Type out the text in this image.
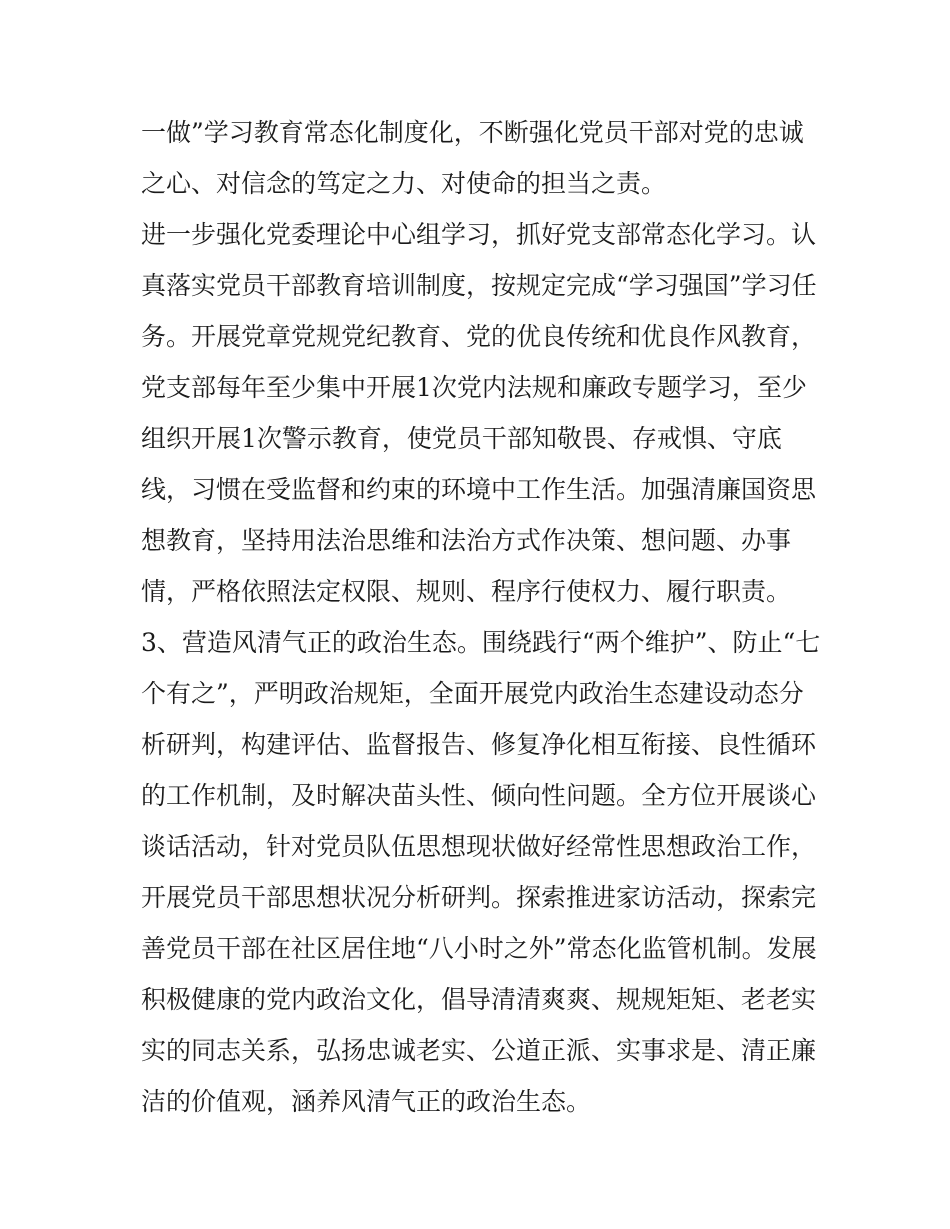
一做”学习教育常态化制度化，不断强化党员干部对党的忠诚
之心、对信念的笃定之力、对使命的担当之责。
进一步强化党委理论中心组学习，抓好党支部常态化学习。认
真落实党员干部教育培训制度，按规定完成“学习强国”学习任
务。开展党章党规党纪教育、党的优良传统和优良作风教育，
党支部每年至少集中开展1次党内法规和廉政专题学习，至少
组织开展1次警示教育，使党员干部知敬畏、存戒惧、守底
线，习惯在受监督和约束的环境中工作生活。加强清廉国资思
想教育，坚持用法治思维和法治方式作决策、想问题、办事
情，严格依照法定权限、规则、程序行使权力、履行职责。
3、营造风清气正的政治生态。围绕践行“两个维护”、防止“七
个有之”，严明政治规矩，全面开展党内政治生态建设动态分
析研判，构建评估、监督报告、修复净化相互衔接、良性循环
的工作机制，及时解决苗头性、倾向性问题。全方位开展谈心
谈话活动，针对党员队伍思想现状做好经常性思想政治工作，
开展党员干部思想状况分析研判。探索推进家访活动，探索完
善党员干部在社区居住地“八小时之外”常态化监管机制。发展
积极健康的党内政治文化，倡导清清爽爽、规规矩矩、老老实
实的同志关系，弘扬忠诚老实、公道正派、实事求是、清正廉
洁的价值观，涵养风清气正的政治生态。
